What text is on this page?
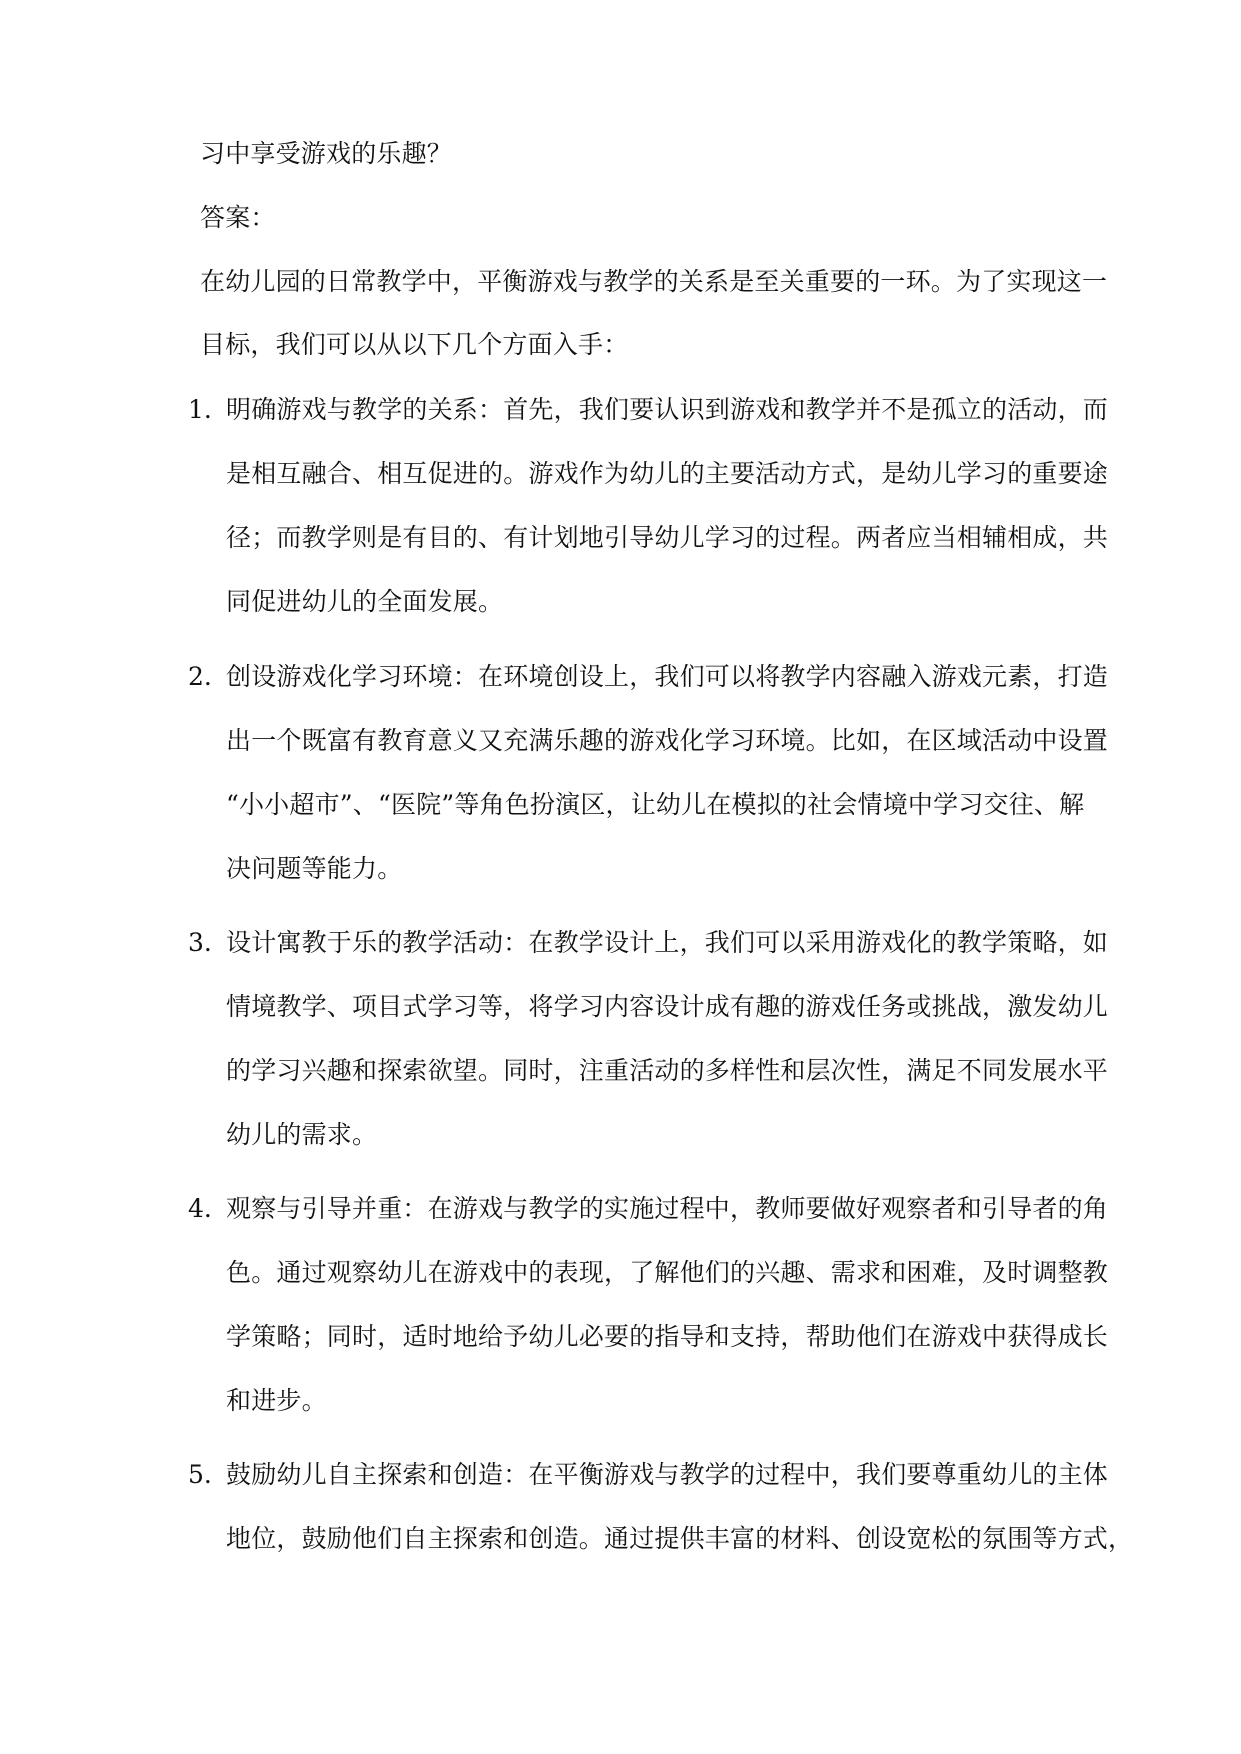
习中享受游戏的乐趣？
答案：
在幼儿园的日常教学中，平衡游戏与教学的关系是至关重要的一环。为了实现这一
目标，我们可以从以下几个方面入手：
1. 明确游戏与教学的关系：首先，我们要认识到游戏和教学并不是孤立的活动，而
是相互融合、相互促进的。游戏作为幼儿的主要活动方式，是幼儿学习的重要途
径；而教学则是有目的、有计划地引导幼儿学习的过程。两者应当相辅相成，共
同促进幼儿的全面发展。
2. 创设游戏化学习环境：在环境创设上，我们可以将教学内容融入游戏元素，打造
出一个既富有教育意义又充满乐趣的游戏化学习环境。比如，在区域活动中设置
“小小超市”、“医院”等角色扮演区，让幼儿在模拟的社会情境中学习交往、解
决问题等能力。
3. 设计寓教于乐的教学活动：在教学设计上，我们可以采用游戏化的教学策略，如
情境教学、项目式学习等，将学习内容设计成有趣的游戏任务或挑战，激发幼儿
的学习兴趣和探索欲望。同时，注重活动的多样性和层次性，满足不同发展水平
幼儿的需求。
4. 观察与引导并重：在游戏与教学的实施过程中，教师要做好观察者和引导者的角
色。通过观察幼儿在游戏中的表现，了解他们的兴趣、需求和困难，及时调整教
学策略；同时，适时地给予幼儿必要的指导和支持，帮助他们在游戏中获得成长
和进步。
5. 鼓励幼儿自主探索和创造：在平衡游戏与教学的过程中，我们要尊重幼儿的主体
地位，鼓励他们自主探索和创造。通过提供丰富的材料、创设宽松的氛围等方式，
